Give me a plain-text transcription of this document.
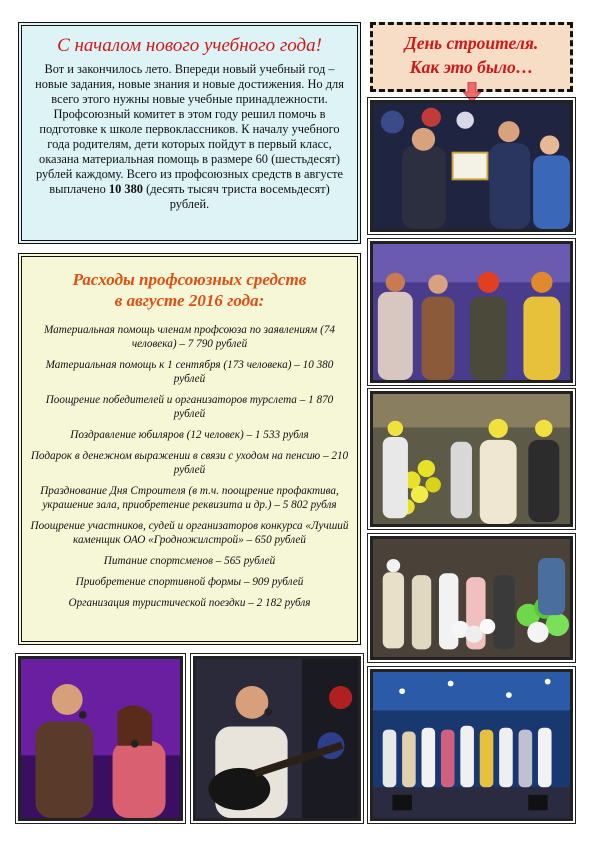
С началом нового учебного года!

Вот и закончилось лето. Впереди новый учебный год – новые задания, новые знания и новые достижения. Но для всего этого нужны новые учебные принадлежности.

Профсоюзный комитет в этом году решил помочь в подготовке к школе первоклассников. К началу учебного года родителям, дети которых пойдут в первый класс, оказана материальная помощь в размере 60 (шестьдесят) рублей каждому. Всего из профсоюзных средств в августе выплачено 10 380 (десять тысяч триста восемьдесят) рублей.

Расходы профсоюзных средств
в августе 2016 года:

Материальная помощь членам профсоюза по заявлениям (74 человека) – 7 790 рублей
Материальная помощь к 1 сентября (173 человека) – 10 380 рублей
Поощрение победителей и организаторов турслета – 1 870 рублей
Поздравление юбиляров (12 человек) – 1 533 рубля
Подарок в денежном выражении в связи с уходом на пенсию – 210 рублей
Празднование Дня Строителя (в т.ч. поощрение профактива, украшение зала, приобретение реквизита и др.) – 5 802 рубля
Поощрение участников, судей и организаторов конкурса «Лучший каменщик ОАО «Гродножилстрой» – 650 рублей
Питание спортсменов – 565 рублей
Приобретение спортивной формы – 909 рублей
Организация туристической поездки – 2 182 рубля

День строителя.
Как это было…
